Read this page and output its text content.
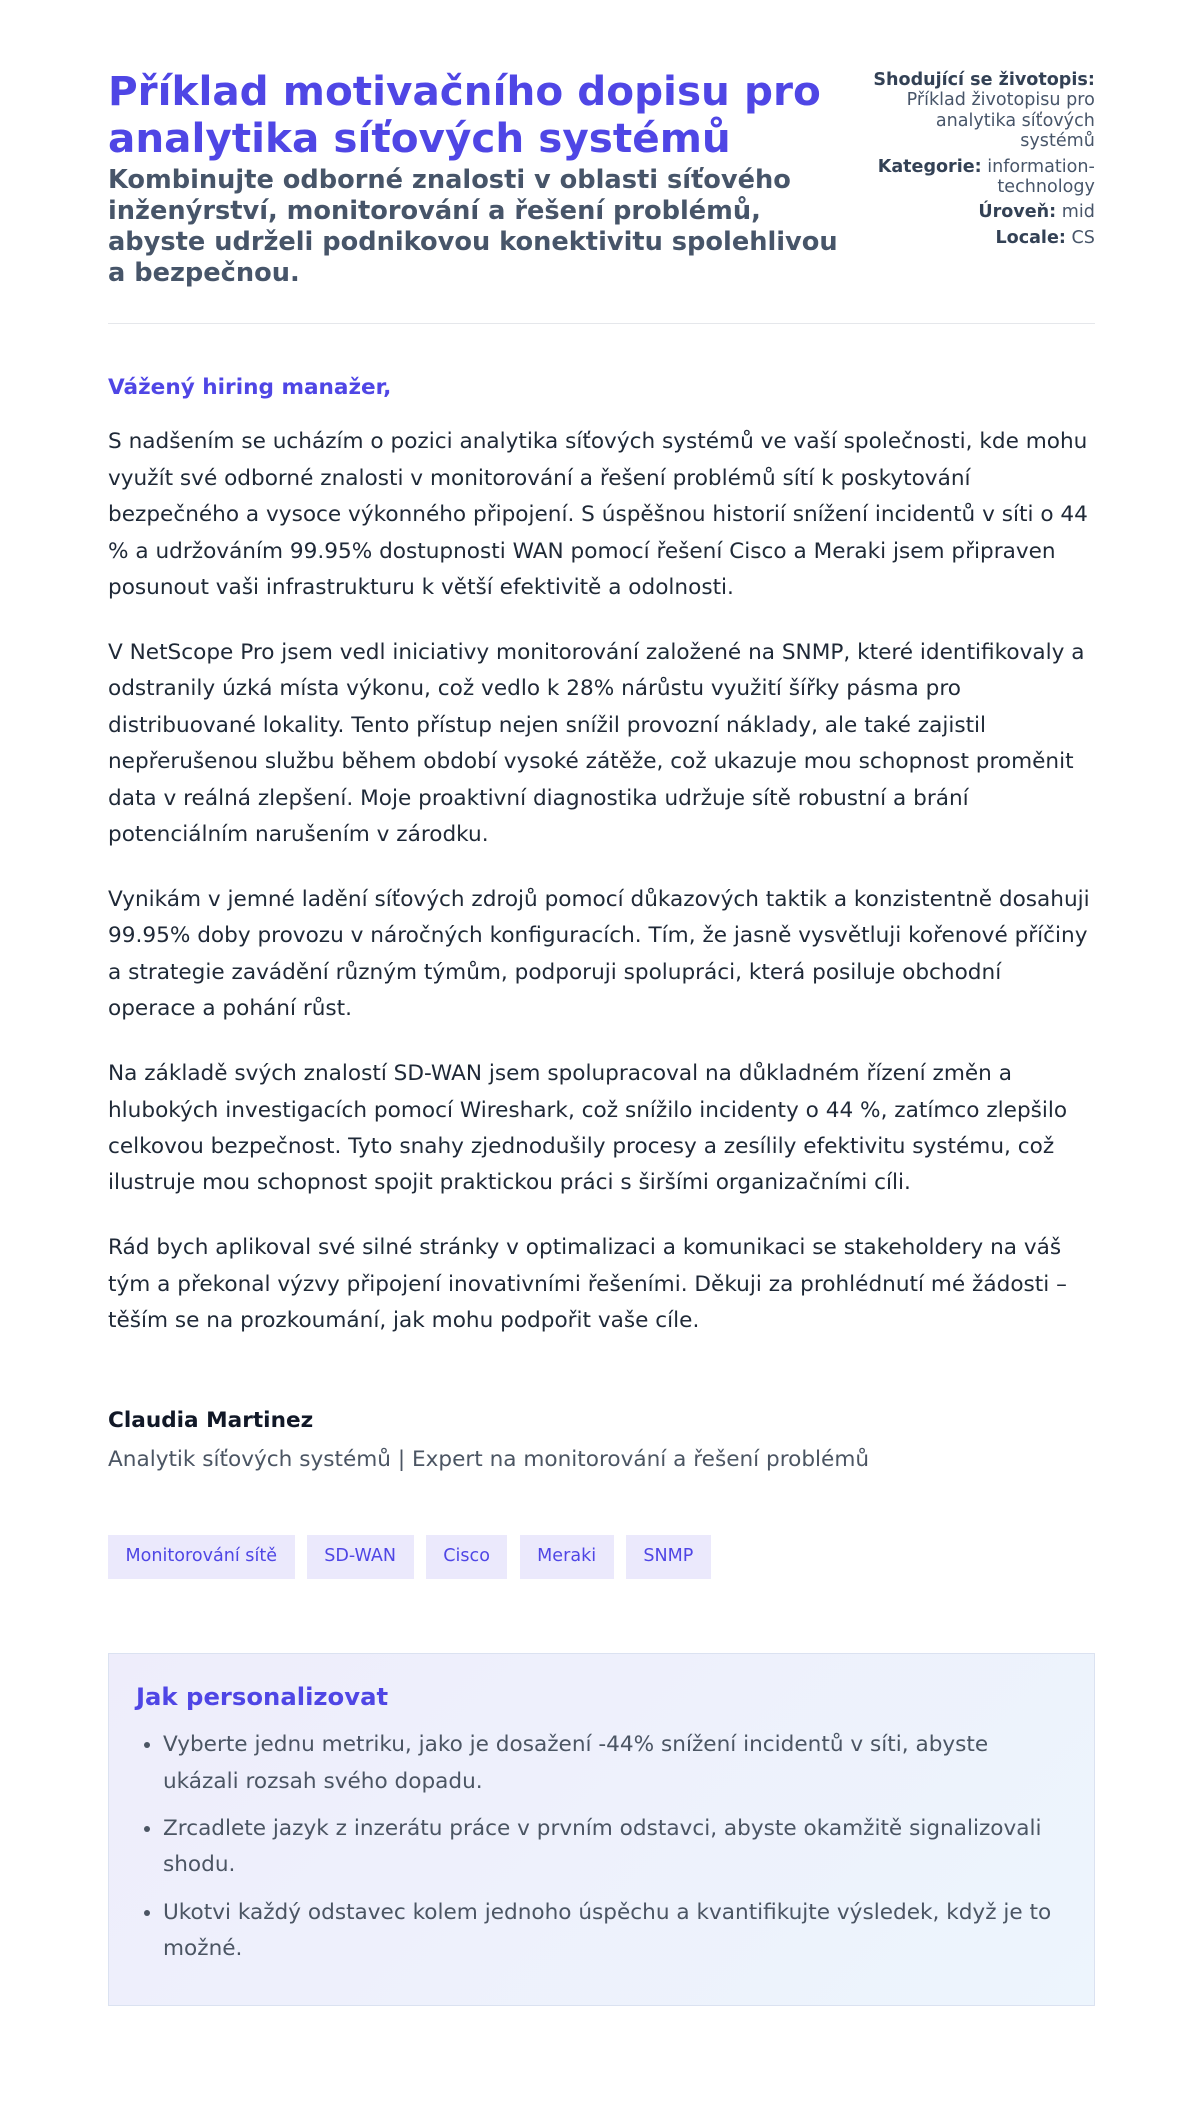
Příklad motivačního dopisu pro analytika síťových systémů

Kombinujte odborné znalosti v oblasti síťového inženýrství, monitorování a řešení problémů, abyste udrželi podnikovou konektivitu spolehlivou a bezpečnou.

Shodující se životopis: Příklad životopisu pro analytika síťových systémů
Kategorie: information-technology
Úroveň: mid
Locale: CS
Vážený hiring manažer,

S nadšením se ucházím o pozici analytika síťových systémů ve vaší společnosti, kde mohu využít své odborné znalosti v monitorování a řešení problémů sítí k poskytování bezpečného a vysoce výkonného připojení. S úspěšnou historií snížení incidentů v síti o 44 % a udržováním 99.95% dostupnosti WAN pomocí řešení Cisco a Meraki jsem připraven posunout vaši infrastrukturu k větší efektivitě a odolnosti.

V NetScope Pro jsem vedl iniciativy monitorování založené na SNMP, které identifikovaly a odstranily úzká místa výkonu, což vedlo k 28% nárůstu využití šířky pásma pro distribuované lokality. Tento přístup nejen snížil provozní náklady, ale také zajistil nepřerušenou službu během období vysoké zátěže, což ukazuje mou schopnost proměnit data v reálná zlepšení. Moje proaktivní diagnostika udržuje sítě robustní a brání potenciálním narušením v zárodku.

Vynikám v jemné ladění síťových zdrojů pomocí důkazových taktik a konzistentně dosahuji 99.95% doby provozu v náročných konfiguracích. Tím, že jasně vysvětluji kořenové příčiny a strategie zavádění různým týmům, podporuji spolupráci, která posiluje obchodní operace a pohání růst.

Na základě svých znalostí SD-WAN jsem spolupracoval na důkladném řízení změn a hlubokých investigacích pomocí Wireshark, což snížilo incidenty o 44 %, zatímco zlepšilo celkovou bezpečnost. Tyto snahy zjednodušily procesy a zesílily efektivitu systému, což ilustruje mou schopnost spojit praktickou práci s širšími organizačními cíli.

Rád bych aplikoval své silné stránky v optimalizaci a komunikaci se stakeholdery na váš tým a překonal výzvy připojení inovativními řešeními. Děkuji za prohlédnutí mé žádosti – těším se na prozkoumání, jak mohu podpořit vaše cíle.

Claudia Martinez
Analytik síťových systémů | Expert na monitorování a řešení problémů
Monitorování sítě	SD-WAN	Cisco	Meraki	SNMP
Jak personalizovat
• Vyberte jednu metriku, jako je dosažení -44% snížení incidentů v síti, abyste ukázali rozsah svého dopadu.
• Zrcadlete jazyk z inzerátu práce v prvním odstavci, abyste okamžitě signalizovali shodu.
• Ukotvi každý odstavec kolem jednoho úspěchu a kvantifikujte výsledek, když je to možné.
